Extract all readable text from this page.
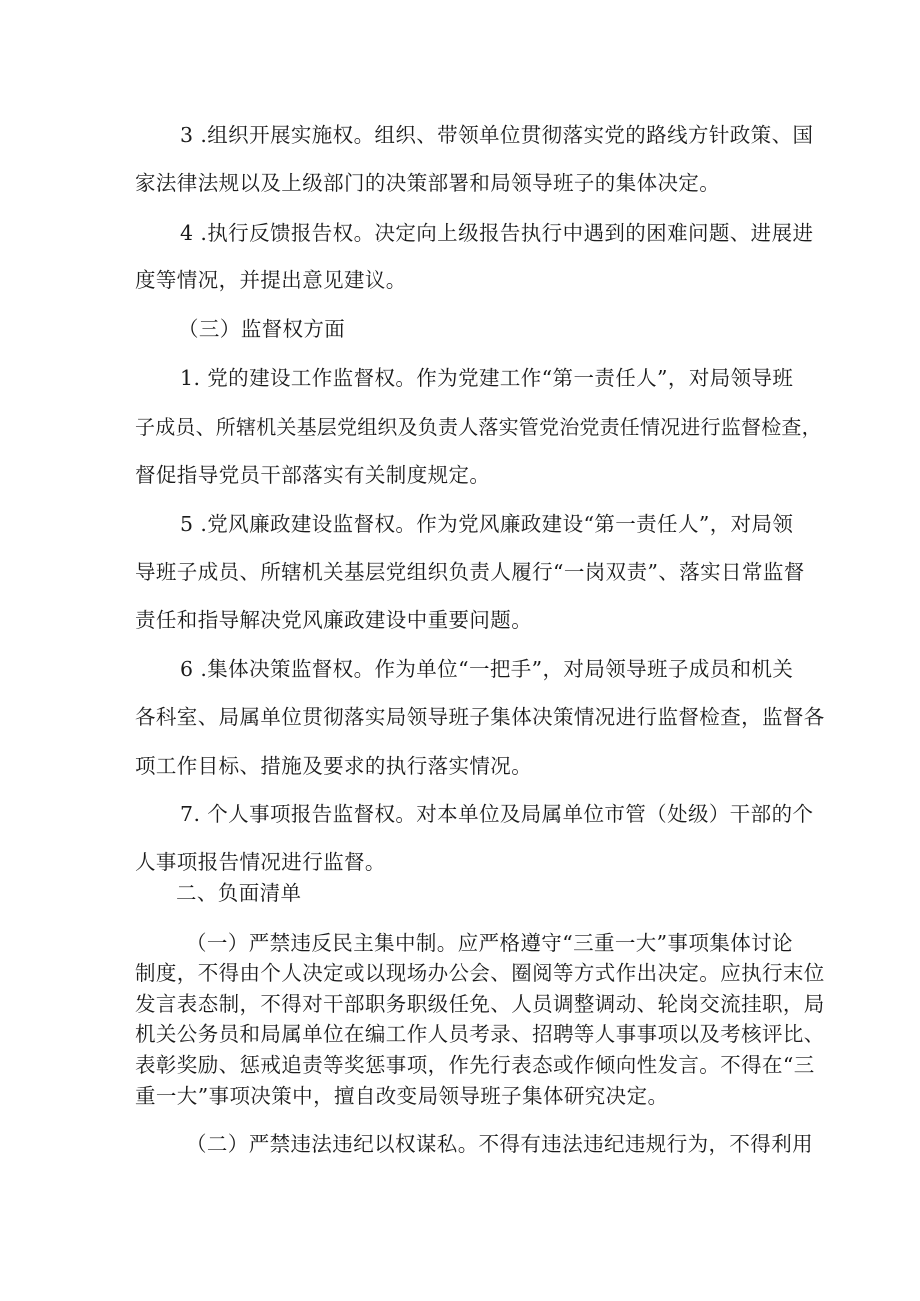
3 .组织开展实施权。组织、带领单位贯彻落实党的路线方针政策、国
家法律法规以及上级部门的决策部署和局领导班子的集体决定。
4 .执行反馈报告权。决定向上级报告执行中遇到的困难问题、进展进
度等情况，并提出意见建议。
（三）监督权方面
1. 党的建设工作监督权。作为党建工作“第一责任人”，对局领导班
子成员、所辖机关基层党组织及负责人落实管党治党责任情况进行监督检查，
督促指导党员干部落实有关制度规定。
5 .党风廉政建设监督权。作为党风廉政建设“第一责任人”，对局领
导班子成员、所辖机关基层党组织负责人履行“一岗双责”、落实日常监督
责任和指导解决党风廉政建设中重要问题。
6 .集体决策监督权。作为单位“一把手”，对局领导班子成员和机关
各科室、局属单位贯彻落实局领导班子集体决策情况进行监督检查，监督各
项工作目标、措施及要求的执行落实情况。
7. 个人事项报告监督权。对本单位及局属单位市管（处级）干部的个
人事项报告情况进行监督。
二、负面清单
（一）严禁违反民主集中制。应严格遵守“三重一大”事项集体讨论
制度，不得由个人决定或以现场办公会、圈阅等方式作出决定。应执行末位
发言表态制，不得对干部职务职级任免、人员调整调动、轮岗交流挂职，局
机关公务员和局属单位在编工作人员考录、招聘等人事事项以及考核评比、
表彰奖励、惩戒追责等奖惩事项，作先行表态或作倾向性发言。不得在“三
重一大”事项决策中，擅自改变局领导班子集体研究决定。
（二）严禁违法违纪以权谋私。不得有违法违纪违规行为，不得利用
